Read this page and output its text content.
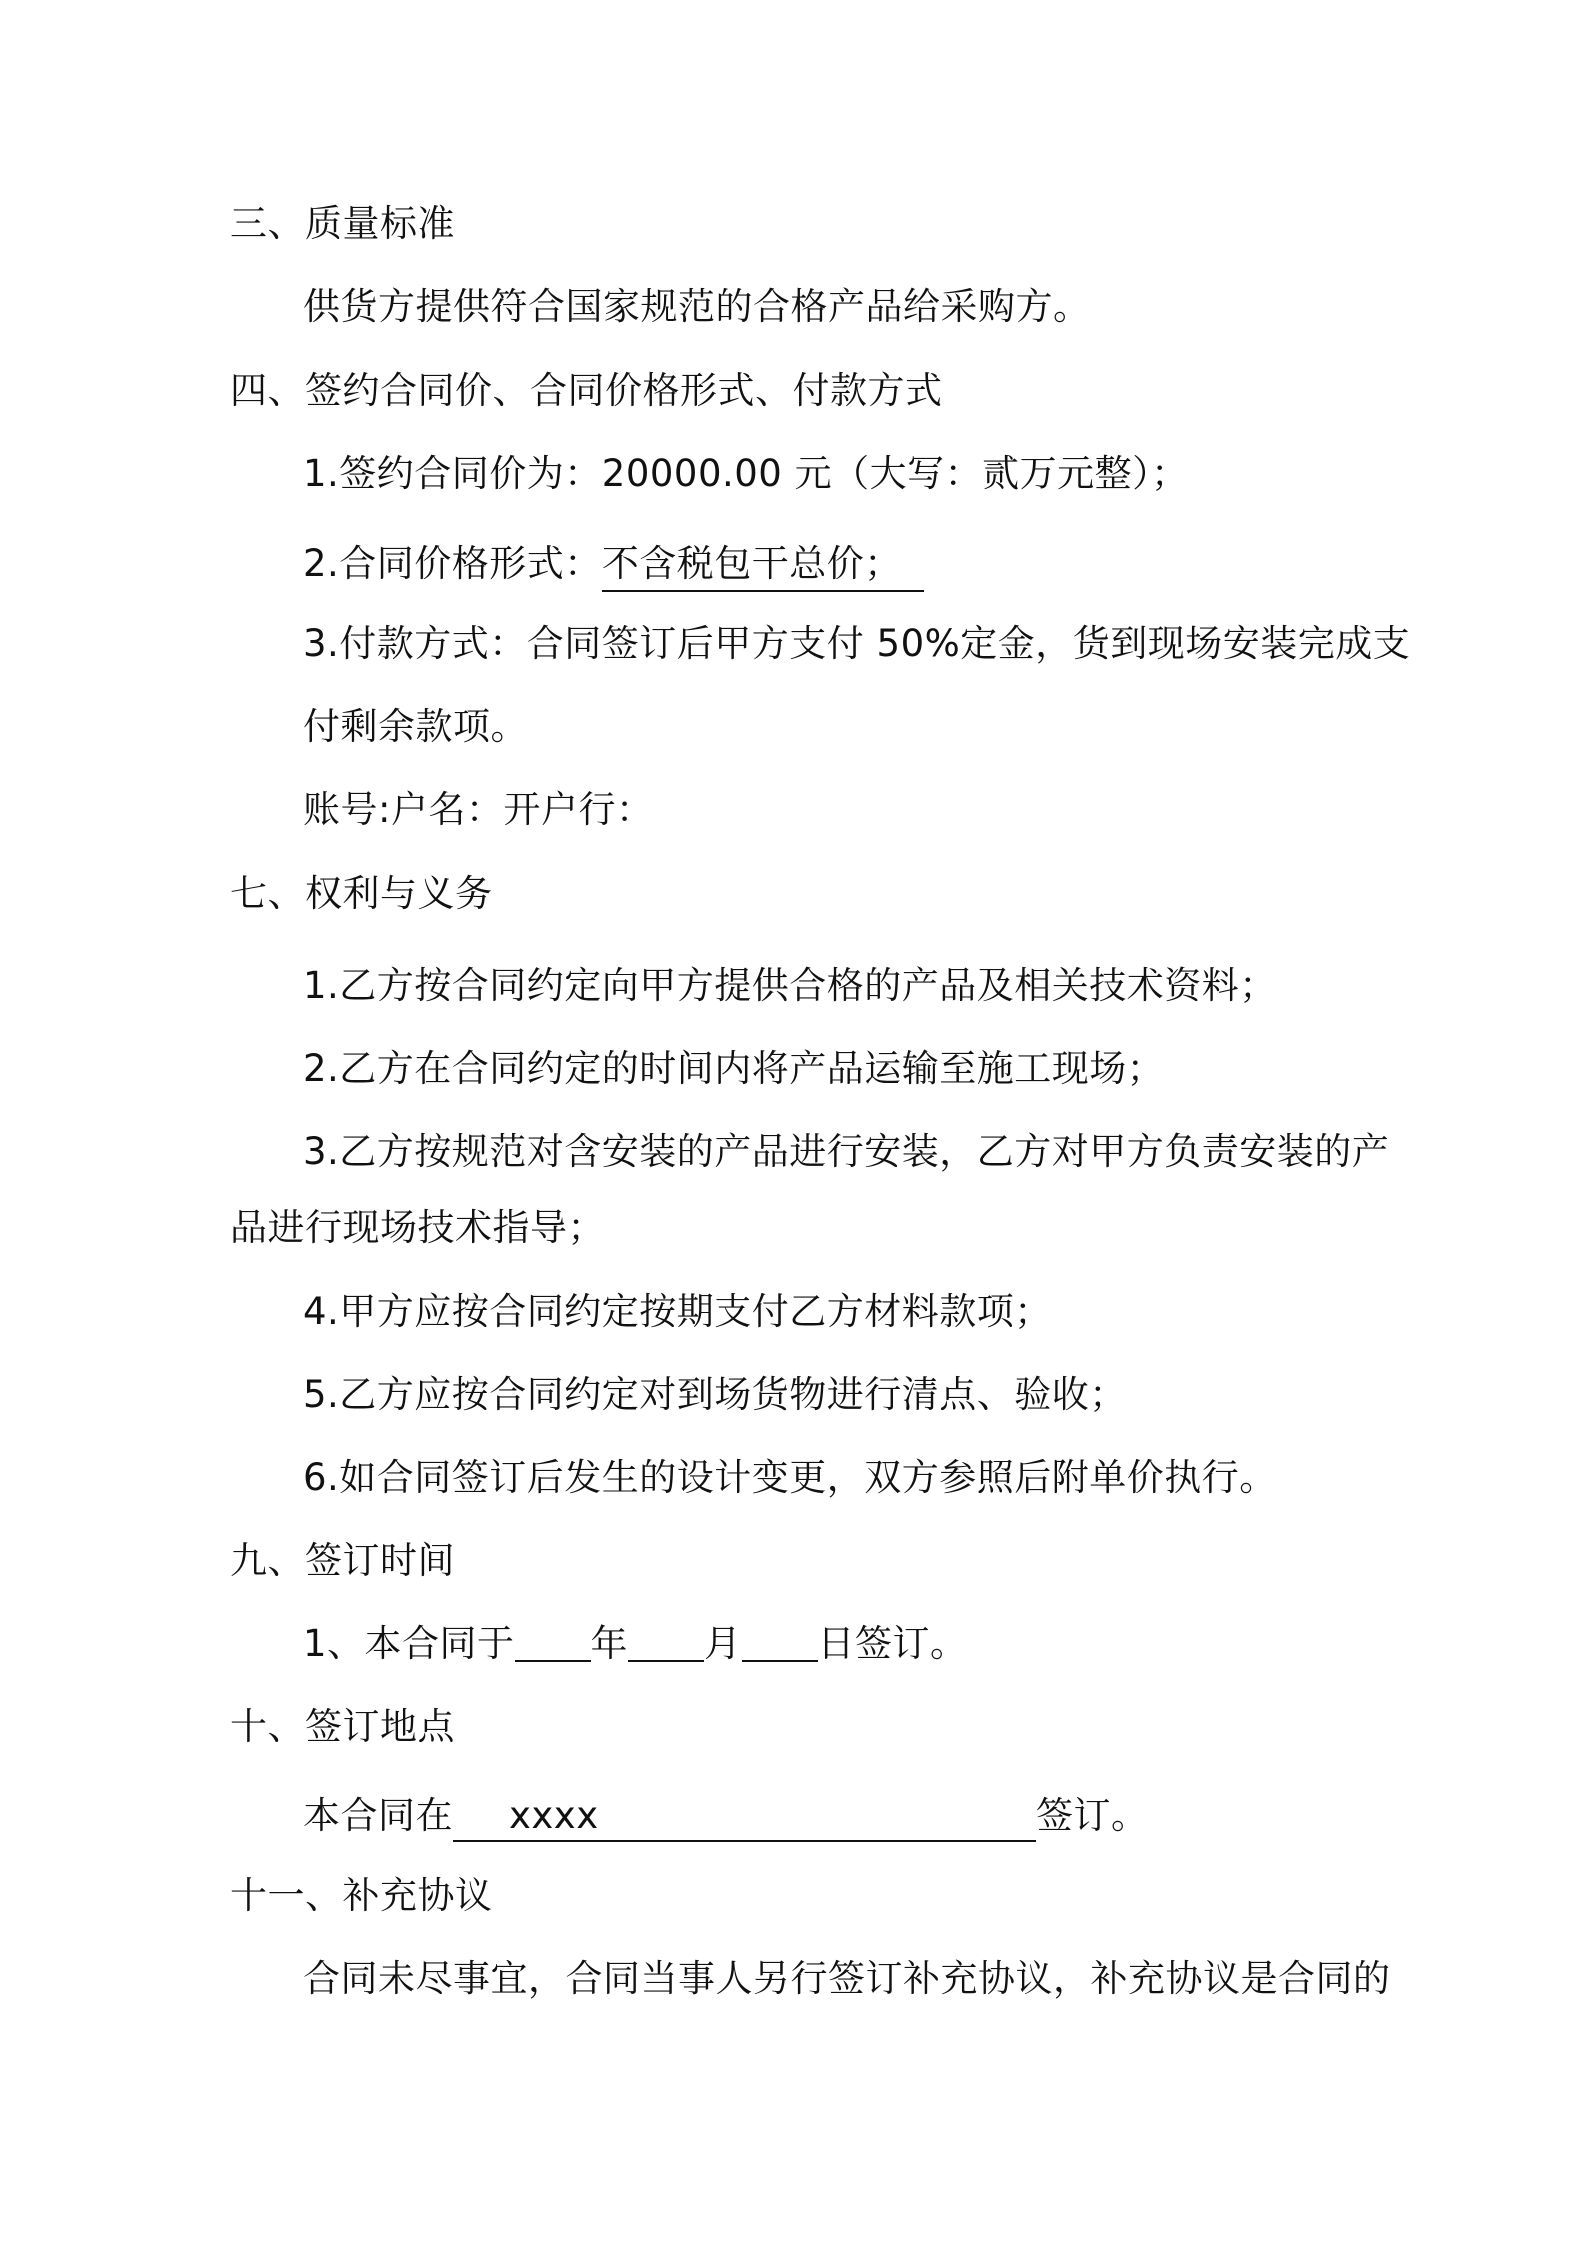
三、质量标准
供货方提供符合国家规范的合格产品给采购方。
四、签约合同价、合同价格形式、付款方式
1.签约合同价为：20000.00 元（大写：贰万元整）；
2.合同价格形式：不含税包干总价；
3.付款方式：合同签订后甲方支付 50%定金，货到现场安装完成支
付剩余款项。
账号:户名：开户行：
七、权利与义务
1.乙方按合同约定向甲方提供合格的产品及相关技术资料；
2.乙方在合同约定的时间内将产品运输至施工现场；
3.乙方按规范对含安装的产品进行安装，乙方对甲方负责安装的产
品进行现场技术指导；
4.甲方应按合同约定按期支付乙方材料款项；
5.乙方应按合同约定对到场货物进行清点、验收；
6.如合同签订后发生的设计变更，双方参照后附单价执行。
九、签订时间
1、本合同于 年 月 日签订。
十、签订地点
本合同在 xxxx	签订。
十一、补充协议
合同未尽事宜，合同当事人另行签订补充协议，补充协议是合同的
